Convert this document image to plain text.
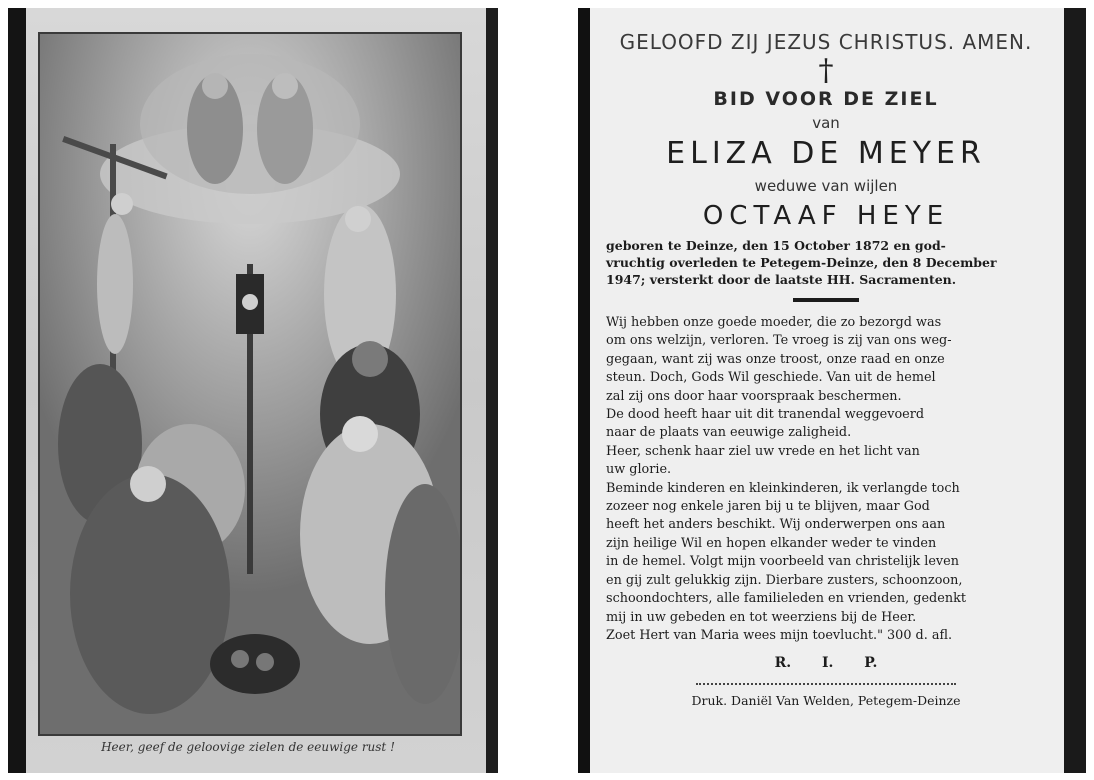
Heer, geef de geloovige zielen de eeuwige rust !

GELOOFD ZIJ JEZUS CHRISTUS. AMEN.

†

BID VOOR DE ZIEL

van

ELIZA DE MEYER

weduwe van wijlen

OCTAAF HEYE

geboren te Deinze, den 15 October 1872 en god-
vruchtig overleden te Petegem-Deinze, den 8 December
1947; versterkt door de laatste HH. Sacramenten.

Wij hebben onze goede moeder, die zo bezorgd was
om ons welzijn, verloren. Te vroeg is zij van ons weg-
gegaan, want zij was onze troost, onze raad en onze
steun. Doch, Gods Wil geschiede. Van uit de hemel
zal zij ons door haar voorspraak beschermen.
De dood heeft haar uit dit tranendal weggevoerd
naar de plaats van eeuwige zaligheid.
Heer, schenk haar ziel uw vrede en het licht van
uw glorie.
Beminde kinderen en kleinkinderen, ik verlangde toch
zozeer nog enkele jaren bij u te blijven, maar God
heeft het anders beschikt. Wij onderwerpen ons aan
zijn heilige Wil en hopen elkander weder te vinden
in de hemel. Volgt mijn voorbeeld van christelijk leven
en gij zult gelukkig zijn. Dierbare zusters, schoonzoon,
schoondochters, alle familieleden en vrienden, gedenkt
mij in uw gebeden en tot weerziens bij de Heer.
Zoet Hert van Maria wees mijn toevlucht." 300 d. afl.

R. I. P.

Druk. Daniël Van Welden, Petegem-Deinze
